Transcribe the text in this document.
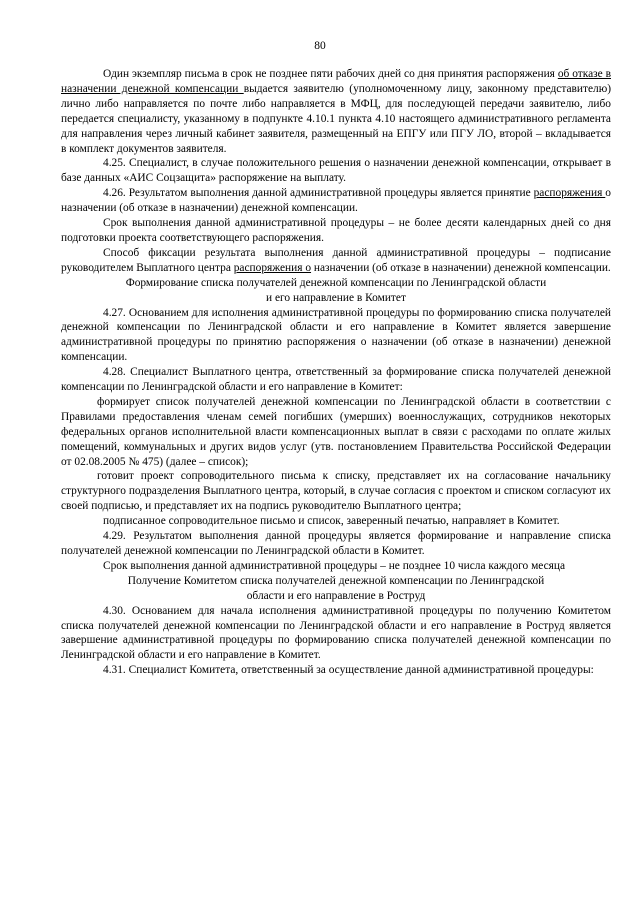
80

Один экземпляр письма в срок не позднее пяти рабочих дней со дня принятия распоряжения об отказе в назначении денежной компенсации выдается заявителю (уполномоченному лицу, законному представителю) лично либо направляется по почте либо направляется в МФЦ, для последующей передачи заявителю, либо передается специалисту, указанному в подпункте 4.10.1 пункта 4.10 настоящего административного регламента для направления через личный кабинет заявителя, размещенный на ЕПГУ или ПГУ ЛО, второй – вкладывается в комплект документов заявителя.

4.25. Специалист, в случае положительного решения о назначении денежной компенсации, открывает в базе данных «АИС Соцзащита» распоряжение на выплату.

4.26. Результатом выполнения данной административной процедуры является принятие распоряжения о назначении (об отказе в назначении) денежной компенсации.

Срок выполнения данной административной процедуры – не более десяти календарных дней со дня подготовки проекта соответствующего распоряжения.

Способ фиксации результата выполнения данной административной процедуры – подписание руководителем Выплатного центра распоряжения о назначении (об отказе в назначении) денежной компенсации.

Формирование списка получателей денежной компенсации по Ленинградской области
и его направление в Комитет

4.27. Основанием для исполнения административной процедуры по формированию списка получателей денежной компенсации по Ленинградской области и его направление в Комитет является завершение административной процедуры по принятию распоряжения о назначении (об отказе в назначении) денежной компенсации.

4.28. Специалист Выплатного центра, ответственный за формирование списка получателей денежной компенсации по Ленинградской области и его направление в Комитет:

формирует список получателей денежной компенсации по Ленинградской области в соответствии с Правилами предоставления членам семей погибших (умерших) военнослужащих, сотрудников некоторых федеральных органов исполнительной власти компенсационных выплат в связи с расходами по оплате жилых помещений, коммунальных и других видов услуг (утв. постановлением Правительства Российской Федерации от 02.08.2005 № 475) (далее – список);

готовит проект сопроводительного письма к списку, представляет их на согласование начальнику структурного подразделения Выплатного центра, который, в случае согласия с проектом и списком согласуют их своей подписью, и представляет их на подпись руководителю Выплатного центра;

подписанное сопроводительное письмо и список, заверенный печатью, направляет в Комитет.

4.29. Результатом выполнения данной процедуры является формирование и направление списка получателей денежной компенсации по Ленинградской области в Комитет.

Срок выполнения данной административной процедуры – не позднее 10 числа каждого месяца

Получение Комитетом списка получателей денежной компенсации по Ленинградской
области и его направление в Роструд

4.30. Основанием для начала исполнения административной процедуры по получению Комитетом списка получателей денежной компенсации по Ленинградской области и его направление в Роструд является завершение административной процедуры по формированию списка получателей денежной компенсации по Ленинградской области и его направление в Комитет.

4.31. Специалист Комитета, ответственный за осуществление данной административной процедуры:
